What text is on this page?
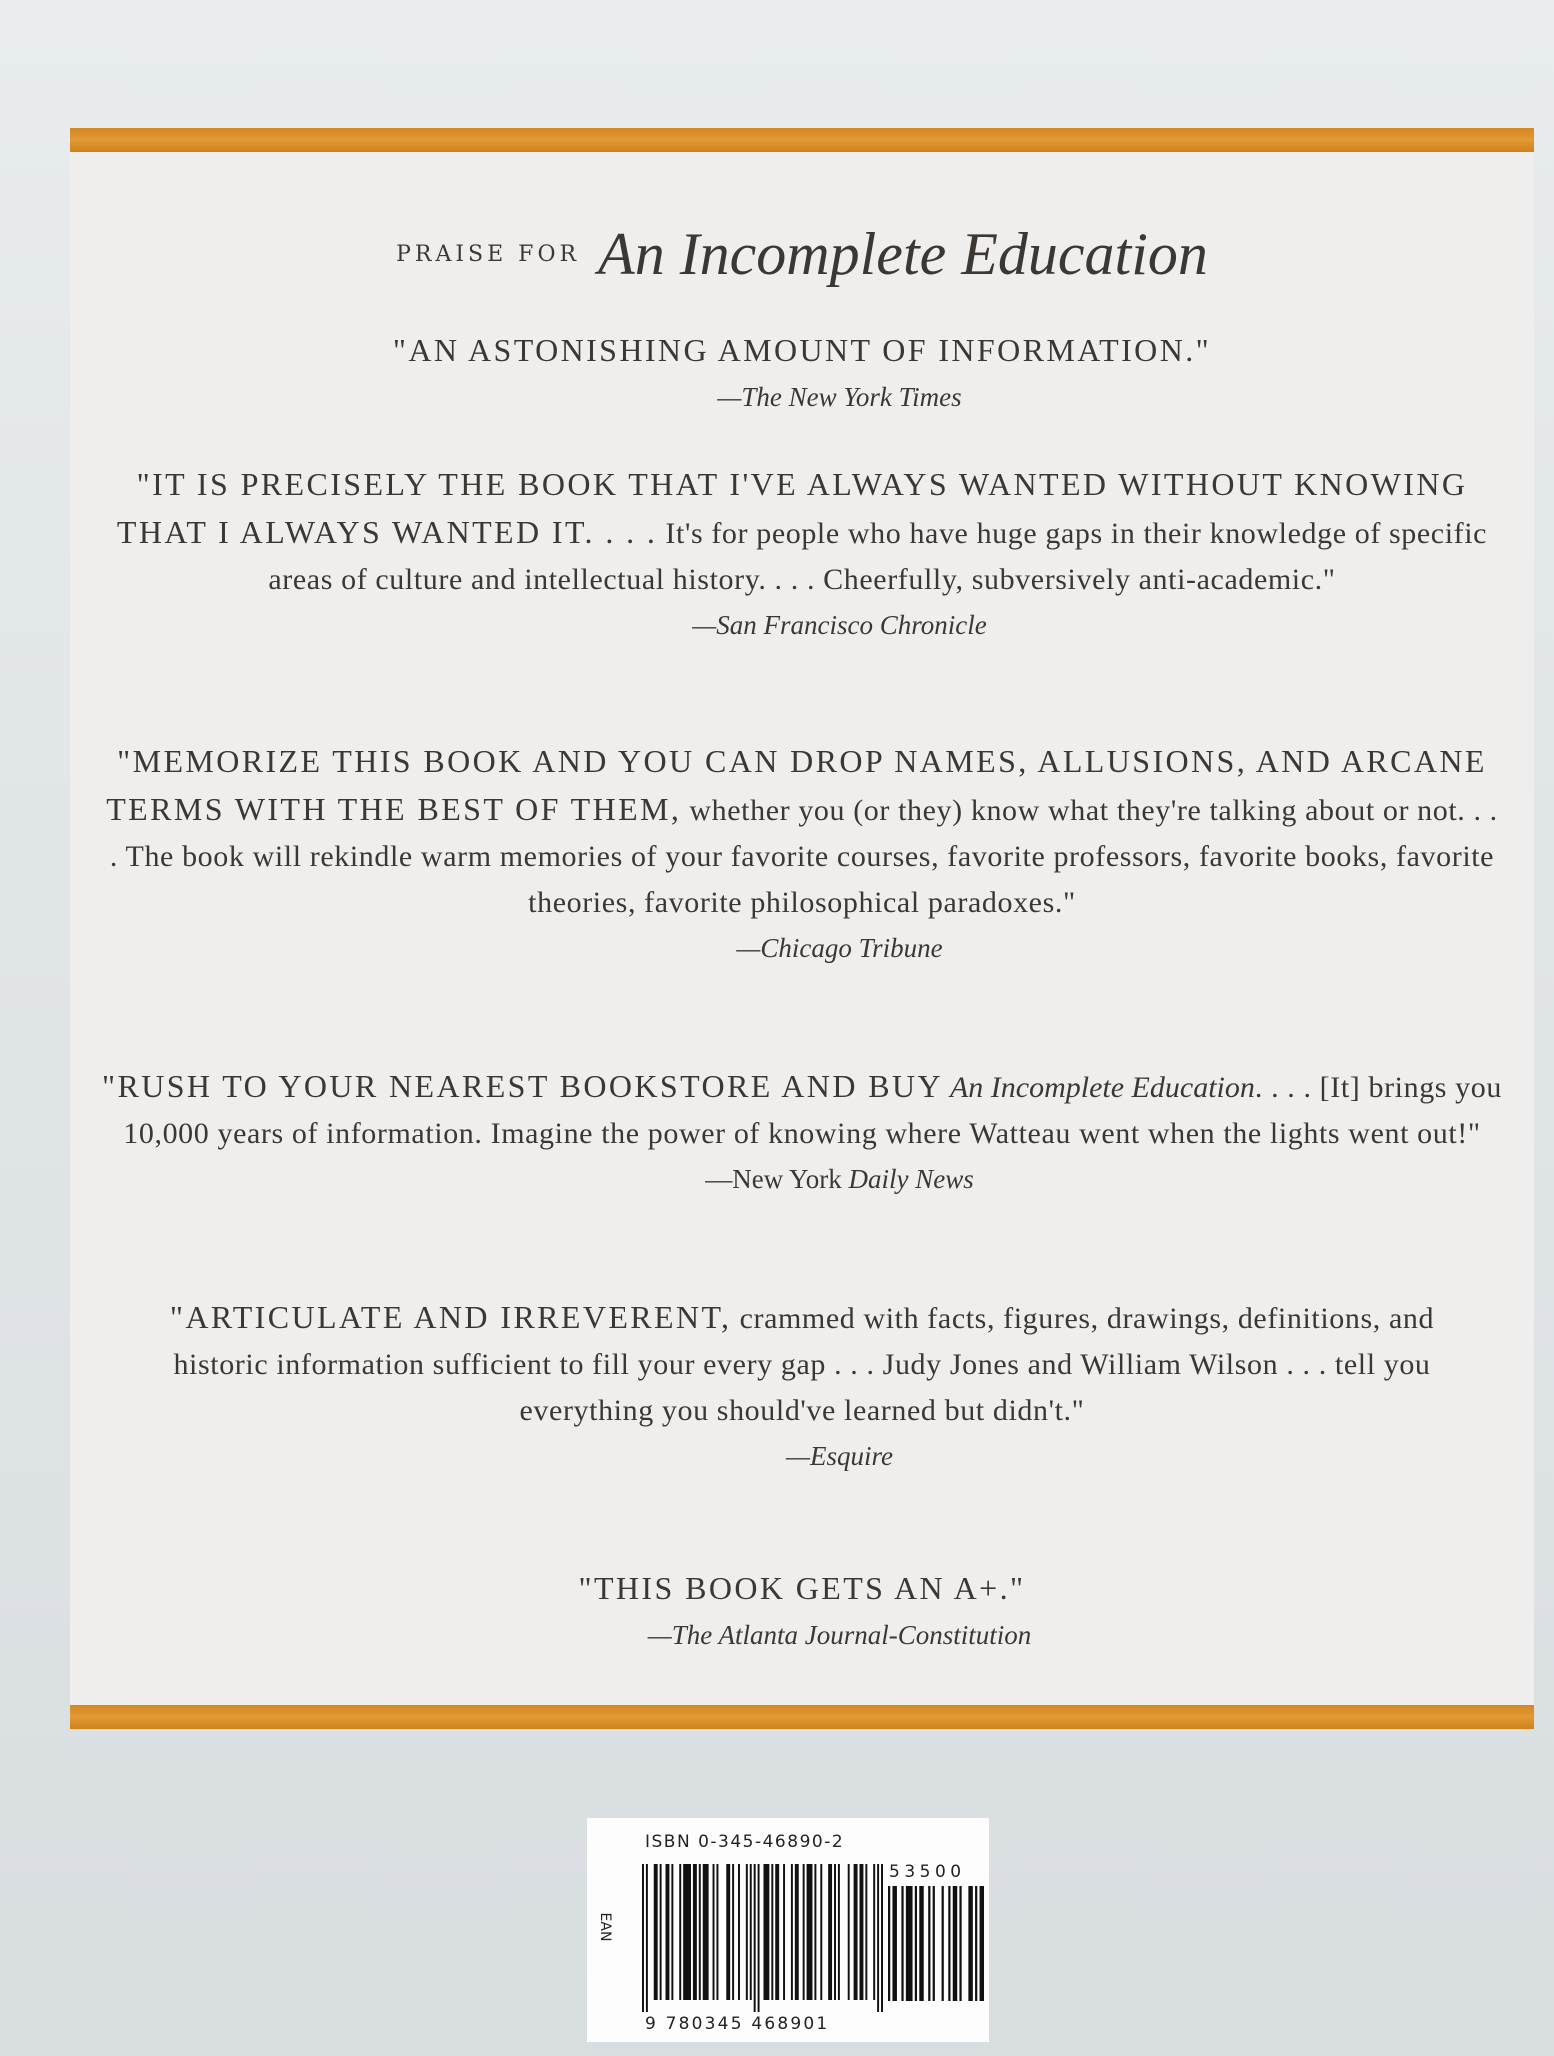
PRAISE FOR An Incomplete Education
"AN ASTONISHING AMOUNT OF INFORMATION."
—The New York Times
"IT IS PRECISELY THE BOOK THAT I'VE ALWAYS WANTED WITHOUT KNOWING THAT I ALWAYS WANTED IT. . . . It's for people who have huge gaps in their knowledge of specific areas of culture and intellectual history. . . . Cheerfully, subversively anti-academic."
—San Francisco Chronicle
"MEMORIZE THIS BOOK AND YOU CAN DROP NAMES, ALLUSIONS, AND ARCANE TERMS WITH THE BEST OF THEM, whether you (or they) know what they're talking about or not. . . . The book will rekindle warm memories of your favorite courses, favorite professors, favorite books, favorite theories, favorite philosophical paradoxes."
—Chicago Tribune
"RUSH TO YOUR NEAREST BOOKSTORE AND BUY An Incomplete Education. . . . [It] brings you 10,000 years of information. Imagine the power of knowing where Watteau went when the lights went out!"
—New York Daily News
"ARTICULATE AND IRREVERENT, crammed with facts, figures, drawings, definitions, and historic information sufficient to fill your every gap . . . Judy Jones and William Wilson . . . tell you everything you should've learned but didn't."
—Esquire
"THIS BOOK GETS AN A+."
—The Atlanta Journal-Constitution
ISBN 0-345-46890-2
EAN
53500
9 780345 468901
